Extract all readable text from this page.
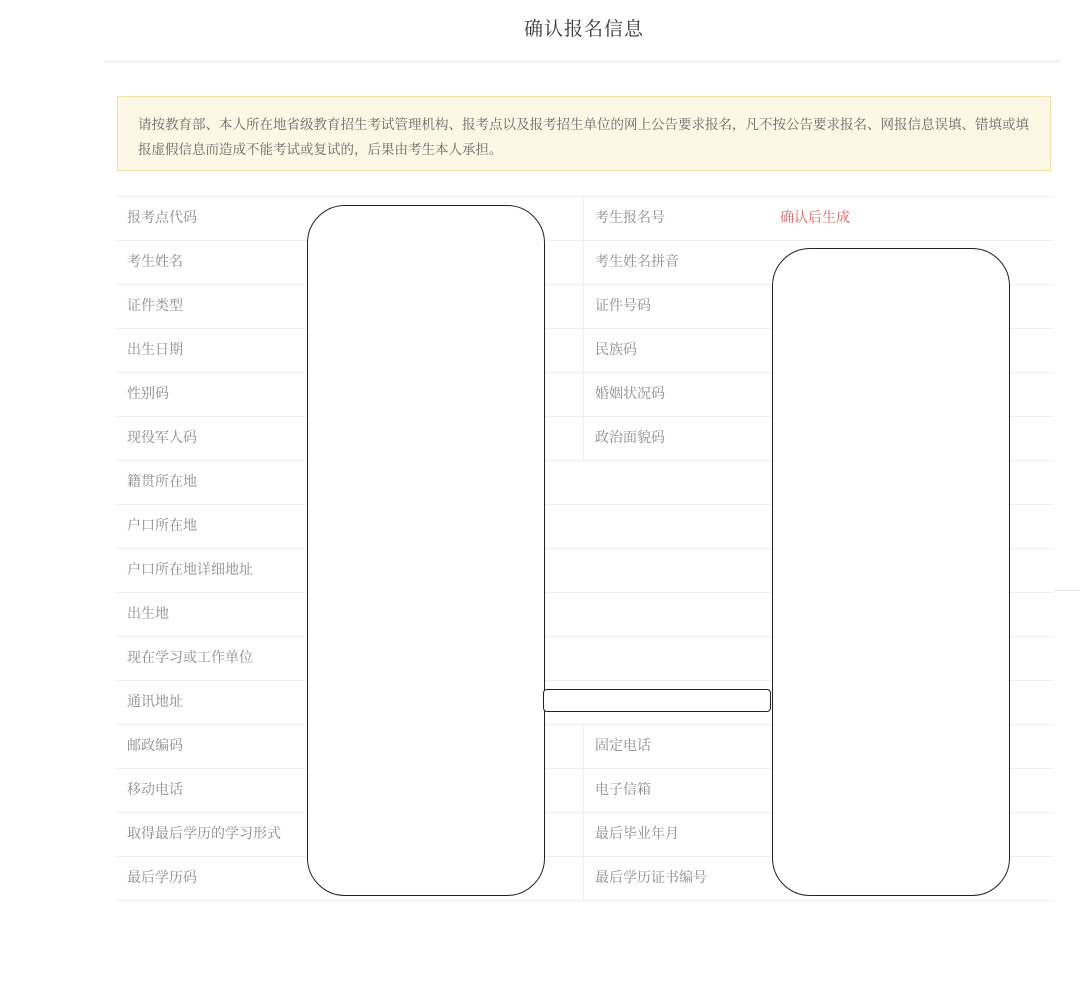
确认报名信息
请按教育部、本人所在地省级教育招生考试管理机构、报考点以及报考招生单位的网上公告要求报名，凡不按公告要求报名、网报信息误填、错填或填报虚假信息而造成不能考试或复试的，后果由考生本人承担。
报考点代码	考生报名号	确认后生成
考生姓名	考生姓名拼音
证件类型	证件号码
出生日期	民族码
性别码	婚姻状况码
现役军人码	政治面貌码
籍贯所在地
户口所在地
户口所在地详细地址
出生地
现在学习或工作单位
通讯地址
邮政编码	固定电话
移动电话	电子信箱
取得最后学历的学习形式	最后毕业年月
最后学历码	最后学历证书编号
